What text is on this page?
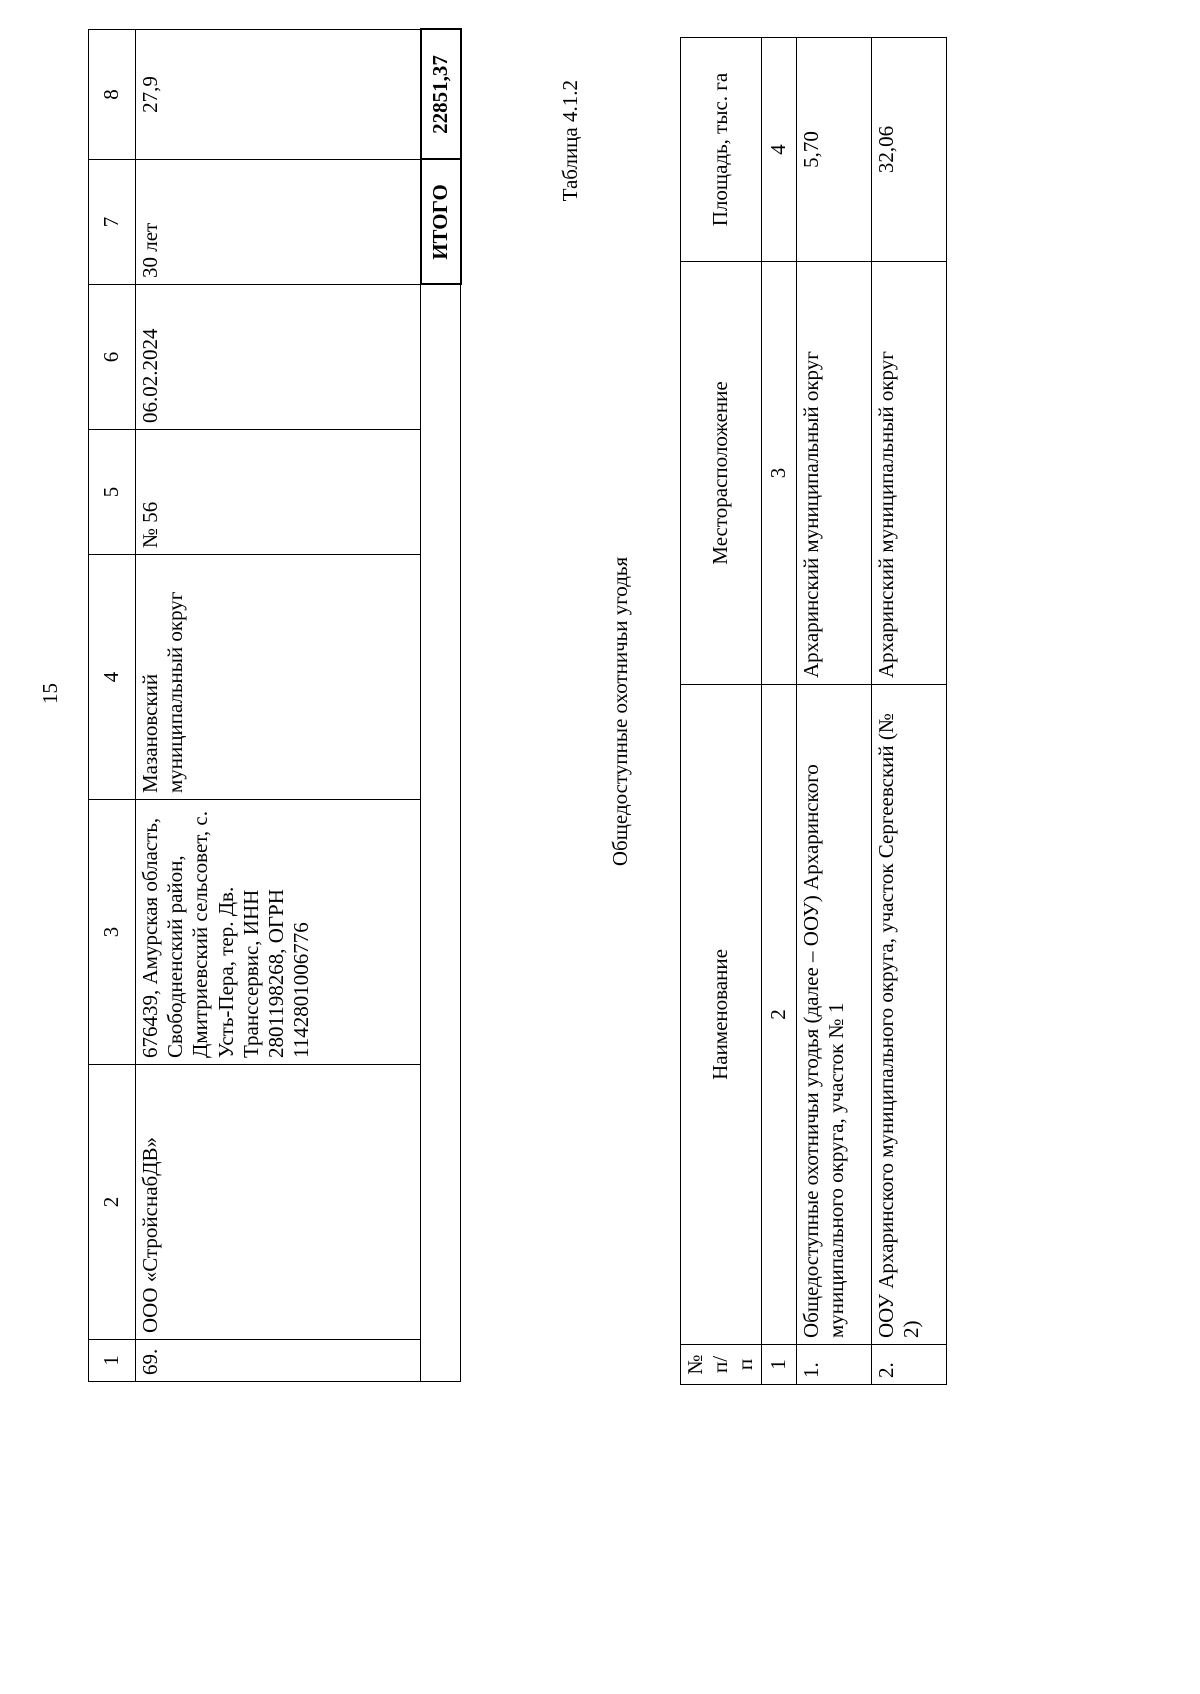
15
1	2	3	4	5	6	7	8
69.	ООО «СтройснабДВ»	676439, Амурская область, Свободненский район, Дмитриевский сельсовет, с. Усть-Пера, тер. Дв. Транссервис, ИНН 2801198268, ОГРН 1142801006776	Мазановский муниципальный округ	№ 56	06.02.2024	30 лет	27,9
						ИТОГО	22851,37	Таблица 4.1.2
Общедоступные охотничьи угодья
№ п/п	Наименование	Месторасположение	Площадь, тыс. га
1	2	3	4
1.	Общедоступные охотничьи угодья (далее – ООУ) Архаринского муниципального округа, участок № 1	Архаринский муниципальный округ	5,70
2.	ООУ Архаринского муниципального округа, участок Сергеевский (№ 2)	Архаринский муниципальный округ	32,06
